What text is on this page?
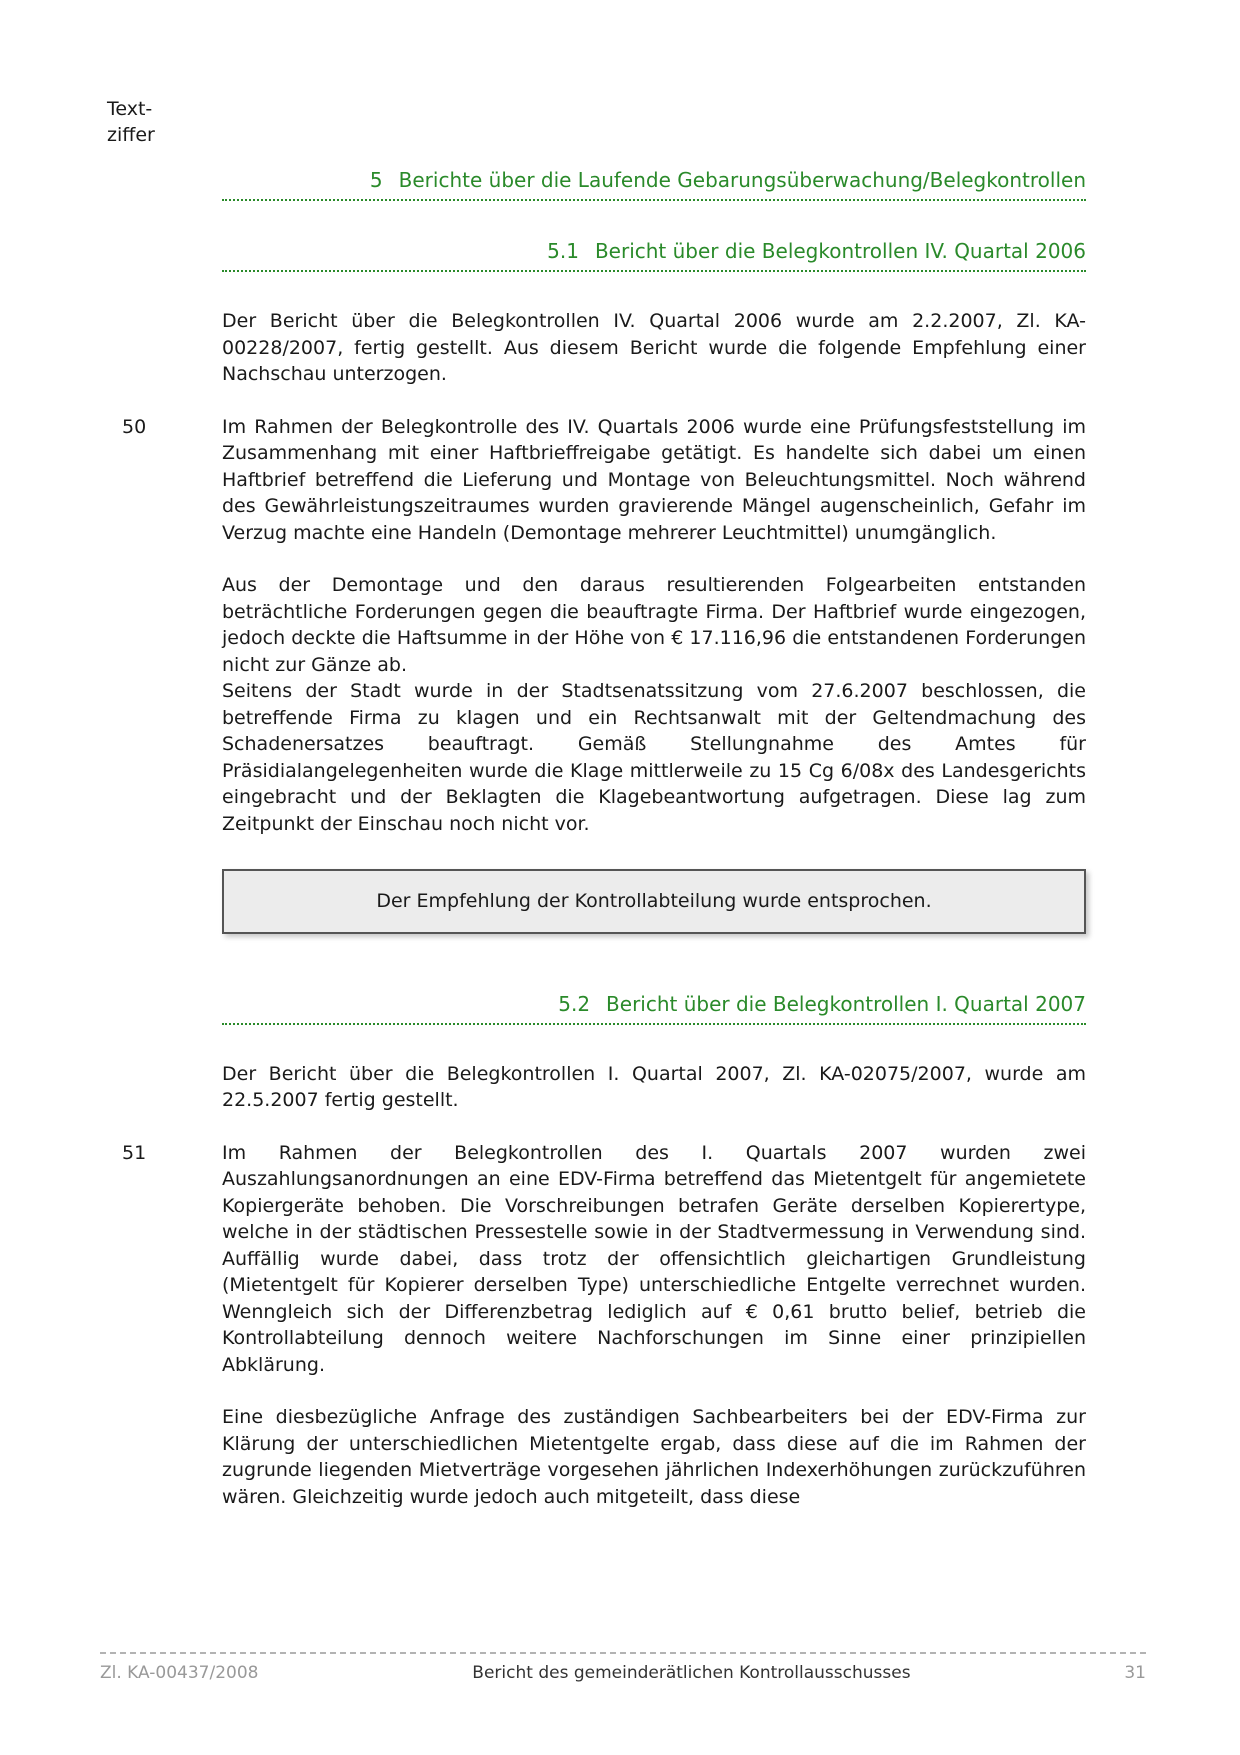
Text-
ziffer
5 Berichte über die Laufende Gebarungsüberwachung/Belegkontrollen
5.1 Bericht über die Belegkontrollen IV. Quartal 2006

Der Bericht über die Belegkontrollen IV. Quartal 2006 wurde am 2.2.2007, Zl. KA-00228/2007, fertig gestellt. Aus diesem Bericht wurde die folgende Empfehlung einer Nachschau unterzogen.

50	Im Rahmen der Belegkontrolle des IV. Quartals 2006 wurde eine Prüfungsfeststellung im Zusammenhang mit einer Haftbrieffreigabe getätigt. Es handelte sich dabei um einen Haftbrief betreffend die Lieferung und Montage von Beleuchtungsmittel. Noch während des Gewährleistungszeitraumes wurden gravierende Mängel augenscheinlich, Gefahr im Verzug machte eine Handeln (Demontage mehrerer Leuchtmittel) unumgänglich.

Aus der Demontage und den daraus resultierenden Folgearbeiten entstanden beträchtliche Forderungen gegen die beauftragte Firma. Der Haftbrief wurde eingezogen, jedoch deckte die Haftsumme in der Höhe von € 17.116,96 die entstandenen Forderungen nicht zur Gänze ab.

Seitens der Stadt wurde in der Stadtsenatssitzung vom 27.6.2007 beschlossen, die betreffende Firma zu klagen und ein Rechtsanwalt mit der Geltendmachung des Schadenersatzes beauftragt. Gemäß Stellungnahme des Amtes für Präsidialangelegenheiten wurde die Klage mittlerweile zu 15 Cg 6/08x des Landesgerichts eingebracht und der Beklagten die Klagebeantwortung aufgetragen. Diese lag zum Zeitpunkt der Einschau noch nicht vor.

Der Empfehlung der Kontrollabteilung wurde entsprochen.
5.2 Bericht über die Belegkontrollen I. Quartal 2007

Der Bericht über die Belegkontrollen I. Quartal 2007, Zl. KA-02075/2007, wurde am 22.5.2007 fertig gestellt.

51	Im Rahmen der Belegkontrollen des I. Quartals 2007 wurden zwei Auszahlungsanordnungen an eine EDV-Firma betreffend das Mietentgelt für angemietete Kopiergeräte behoben. Die Vorschreibungen betrafen Geräte derselben Kopierertype, welche in der städtischen Pressestelle sowie in der Stadtvermessung in Verwendung sind. Auffällig wurde dabei, dass trotz der offensichtlich gleichartigen Grundleistung (Mietentgelt für Kopierer derselben Type) unterschiedliche Entgelte verrechnet wurden. Wenngleich sich der Differenzbetrag lediglich auf € 0,61 brutto belief, betrieb die Kontrollabteilung dennoch weitere Nachforschungen im Sinne einer prinzipiellen Abklärung.

Eine diesbezügliche Anfrage des zuständigen Sachbearbeiters bei der EDV-Firma zur Klärung der unterschiedlichen Mietentgelte ergab, dass diese auf die im Rahmen der zugrunde liegenden Mietverträge vorgesehen jährlichen Indexerhöhungen zurückzuführen wären. Gleichzeitig wurde jedoch auch mitgeteilt, dass diese

Zl. KA-00437/2008	Bericht des gemeinderätlichen Kontrollausschusses	31
